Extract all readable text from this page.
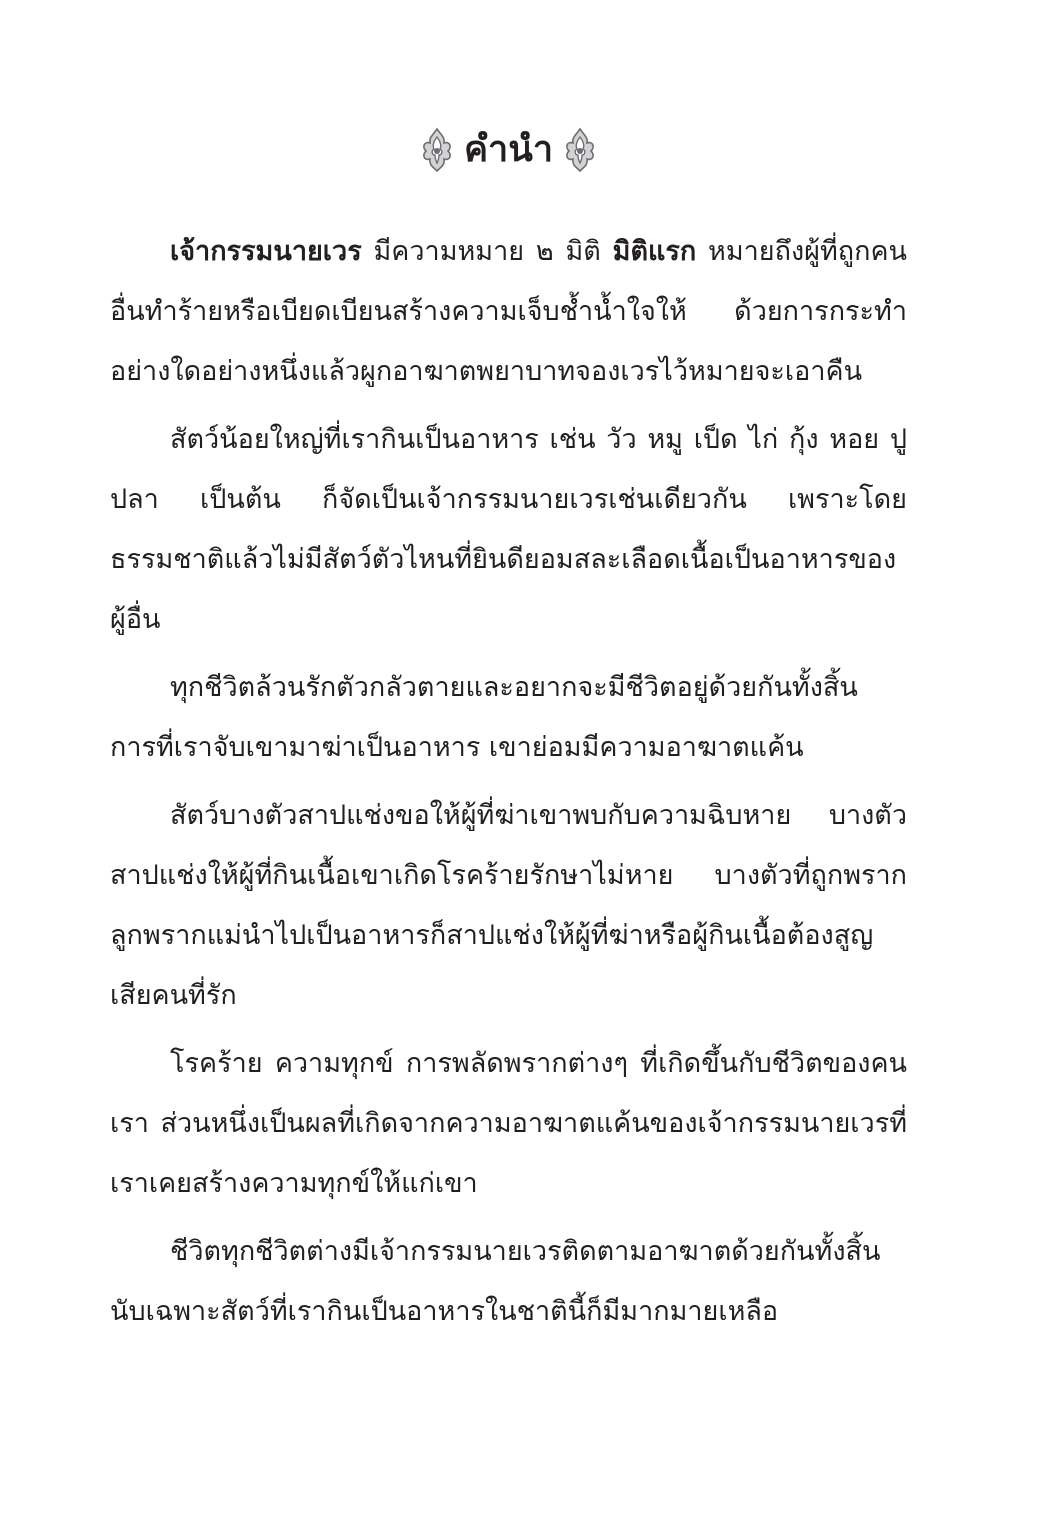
คำนำ

เจ้ากรรมนายเวร มีความหมาย ๒ มิติ มิติแรก หมายถึงผู้ที่ถูกคนอื่นทำร้ายหรือเบียดเบียนสร้างความเจ็บช้ำน้ำใจให้ ด้วยการกระทำอย่างใดอย่างหนึ่งแล้วผูกอาฆาตพยาบาทจองเวรไว้หมายจะเอาคืน

สัตว์น้อยใหญ่ที่เรากินเป็นอาหาร เช่น วัว หมู เป็ด ไก่ กุ้ง หอย ปู ปลา เป็นต้น ก็จัดเป็นเจ้ากรรมนายเวรเช่นเดียวกัน เพราะโดยธรรมชาติแล้วไม่มีสัตว์ตัวไหนที่ยินดียอมสละเลือดเนื้อเป็นอาหารของผู้อื่น

ทุกชีวิตล้วนรักตัวกลัวตายและอยากจะมีชีวิตอยู่ด้วยกันทั้งสิ้น การที่เราจับเขามาฆ่าเป็นอาหาร เขาย่อมมีความอาฆาตแค้น

สัตว์บางตัวสาปแช่งขอให้ผู้ที่ฆ่าเขาพบกับความฉิบหาย บางตัวสาปแช่งให้ผู้ที่กินเนื้อเขาเกิดโรคร้ายรักษาไม่หาย บางตัวที่ถูกพรากลูกพรากแม่นำไปเป็นอาหารก็สาปแช่งให้ผู้ที่ฆ่าหรือผู้กินเนื้อต้องสูญเสียคนที่รัก

โรคร้าย ความทุกข์ การพลัดพรากต่างๆ ที่เกิดขึ้นกับชีวิตของคนเรา ส่วนหนึ่งเป็นผลที่เกิดจากความอาฆาตแค้นของเจ้ากรรมนายเวรที่เราเคยสร้างความทุกข์ให้แก่เขา

ชีวิตทุกชีวิตต่างมีเจ้ากรรมนายเวรติดตามอาฆาตด้วยกันทั้งสิ้น นับเฉพาะสัตว์ที่เรากินเป็นอาหารในชาตินี้ก็มีมากมายเหลือ
